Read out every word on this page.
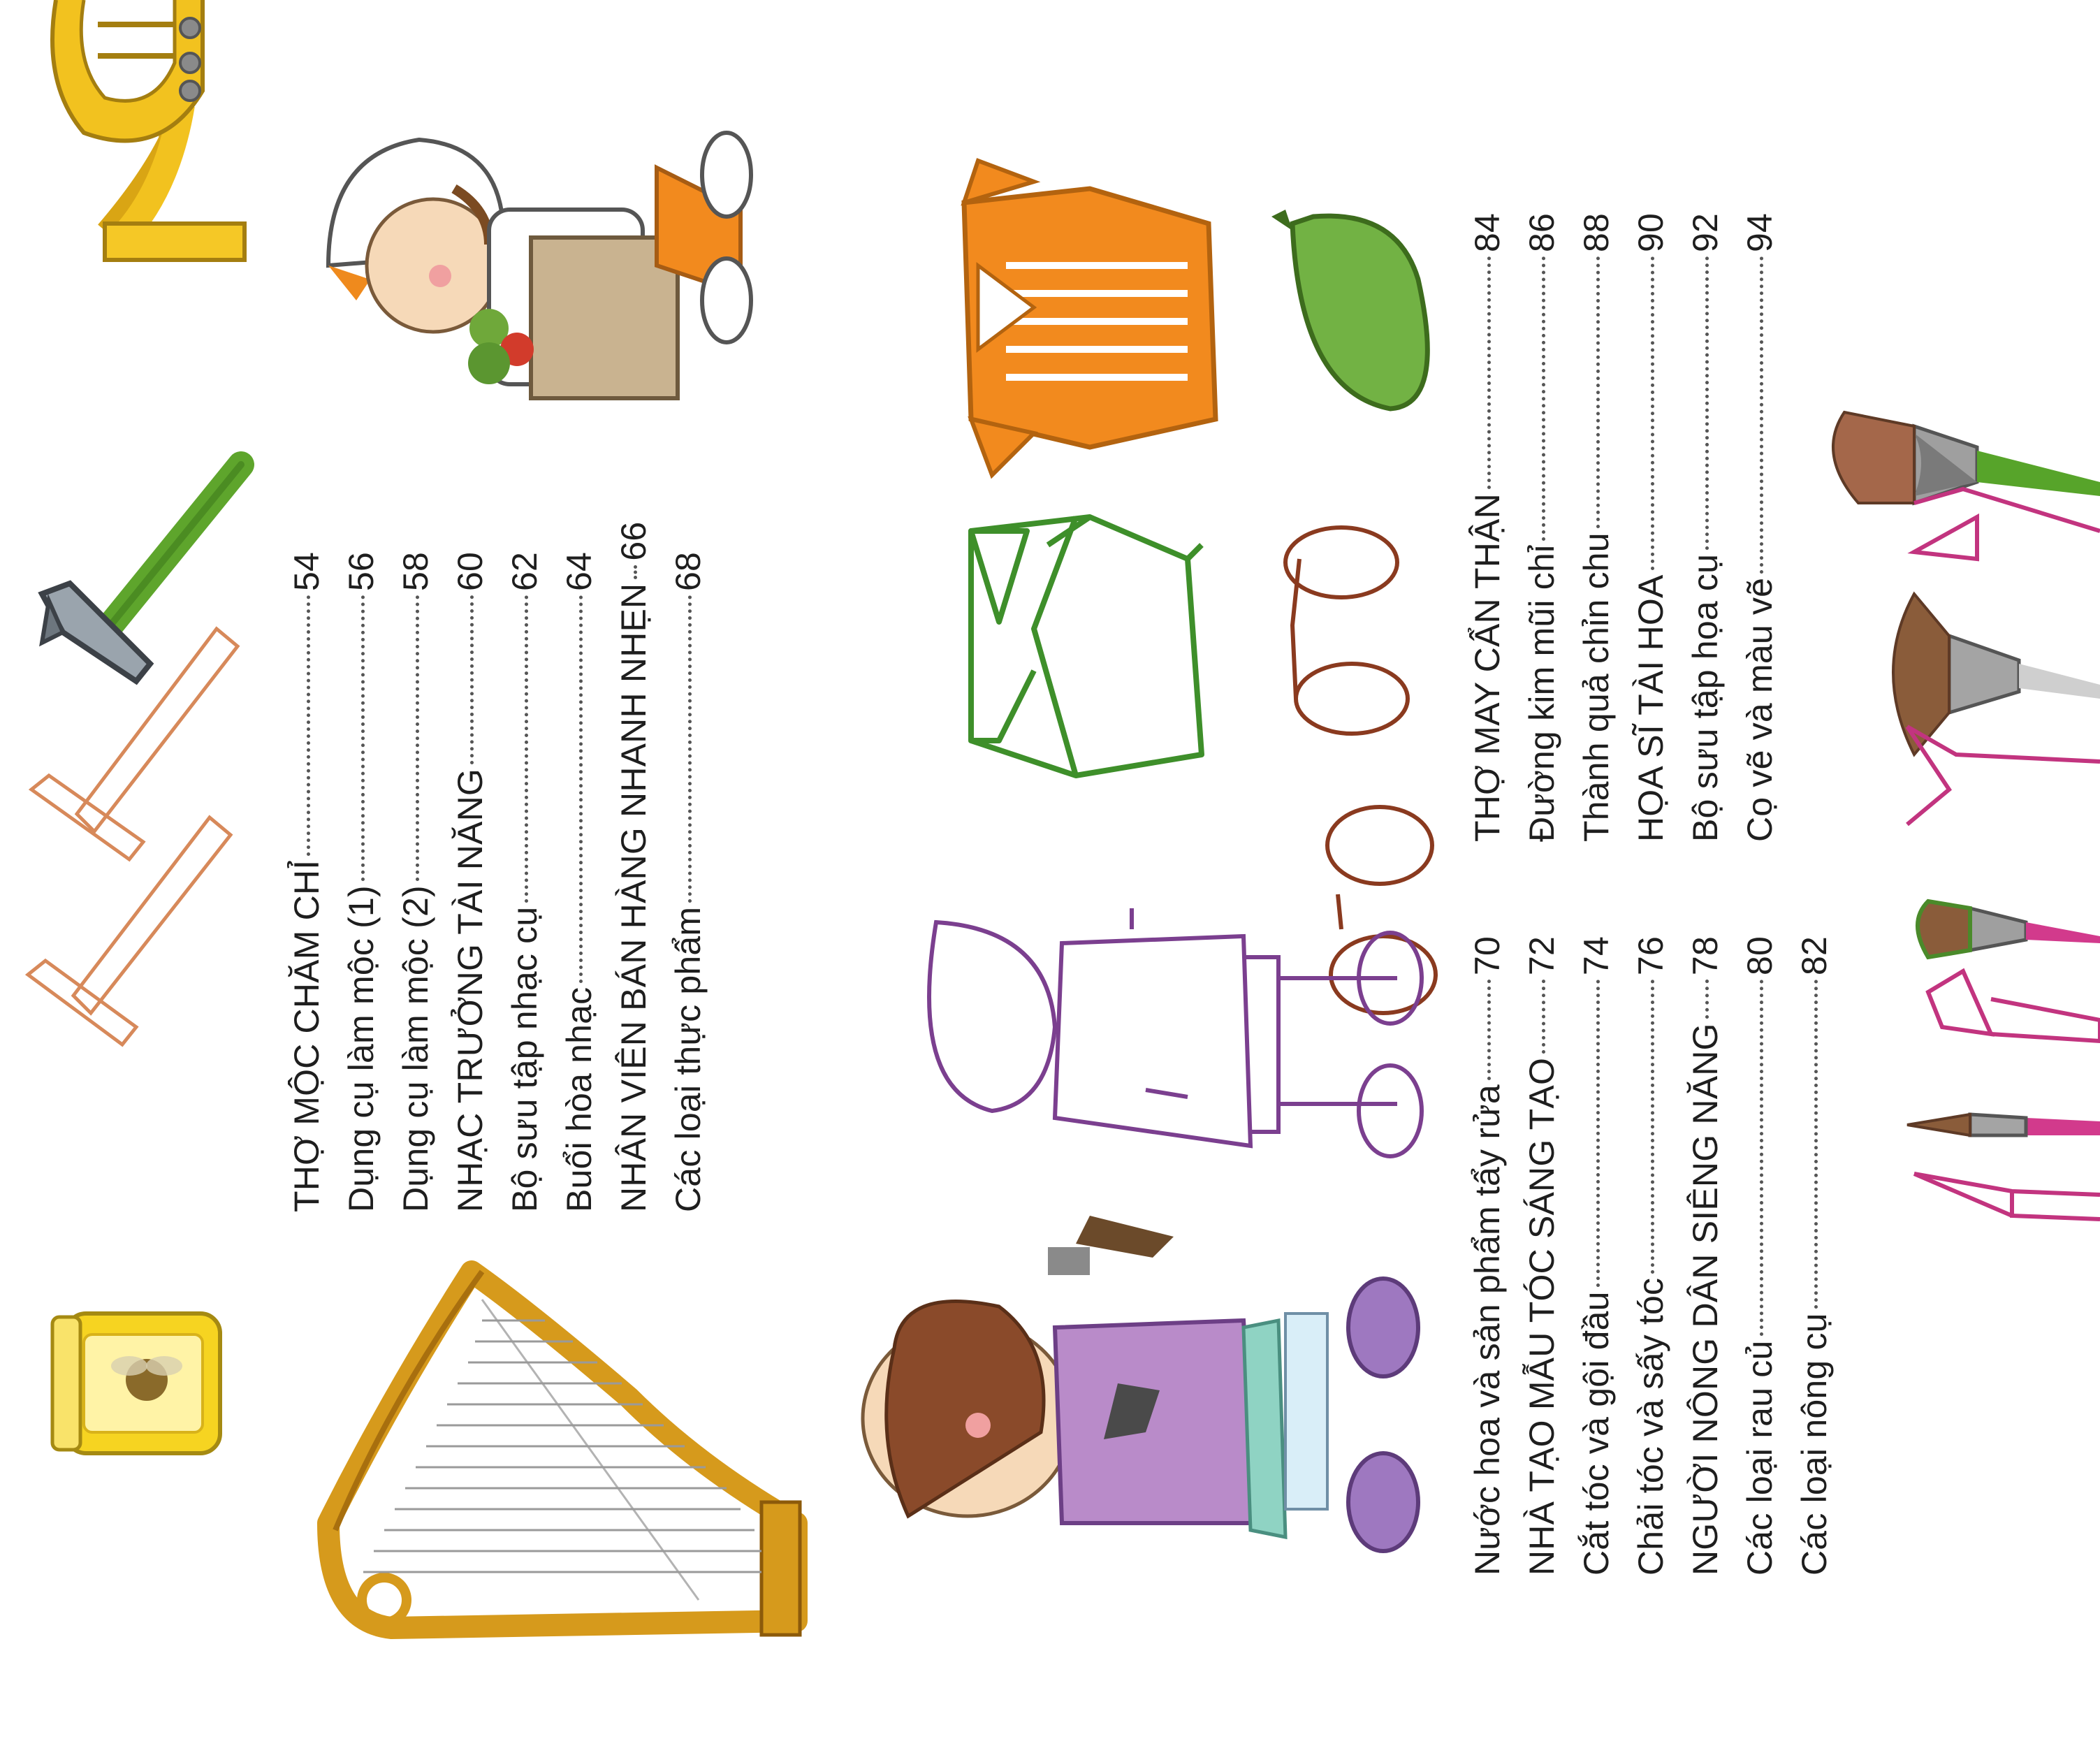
THỢ MỘC CHĂM CHỈ
54
Dụng cụ làm mộc (1)
56
Dụng cụ làm mộc (2)
58
NHẠC TRƯỞNG TÀI NĂNG
60
Bộ sưu tập nhạc cụ
62
Buổi hòa nhạc
64
NHÂN VIÊN BÁN HÀNG NHANH NHẸN
66
Các loại thực phẩm
68
Nước hoa và sản phẩm tẩy rửa
70
NHÀ TẠO MẪU TÓC SÁNG TẠO
72
Cắt tóc và gội đầu
74
Chải tóc và sấy tóc
76
NGƯỜI NÔNG DÂN SIÊNG NĂNG
78
Các loại rau củ
80
Các loại nông cụ
82
THỢ MAY CẨN THẬN
84
Đường kim mũi chỉ
86
Thành quả chỉn chu
88
HỌA SĨ TÀI HOA
90
Bộ sưu tập họa cụ
92
Cọ vẽ và màu vẽ
94
